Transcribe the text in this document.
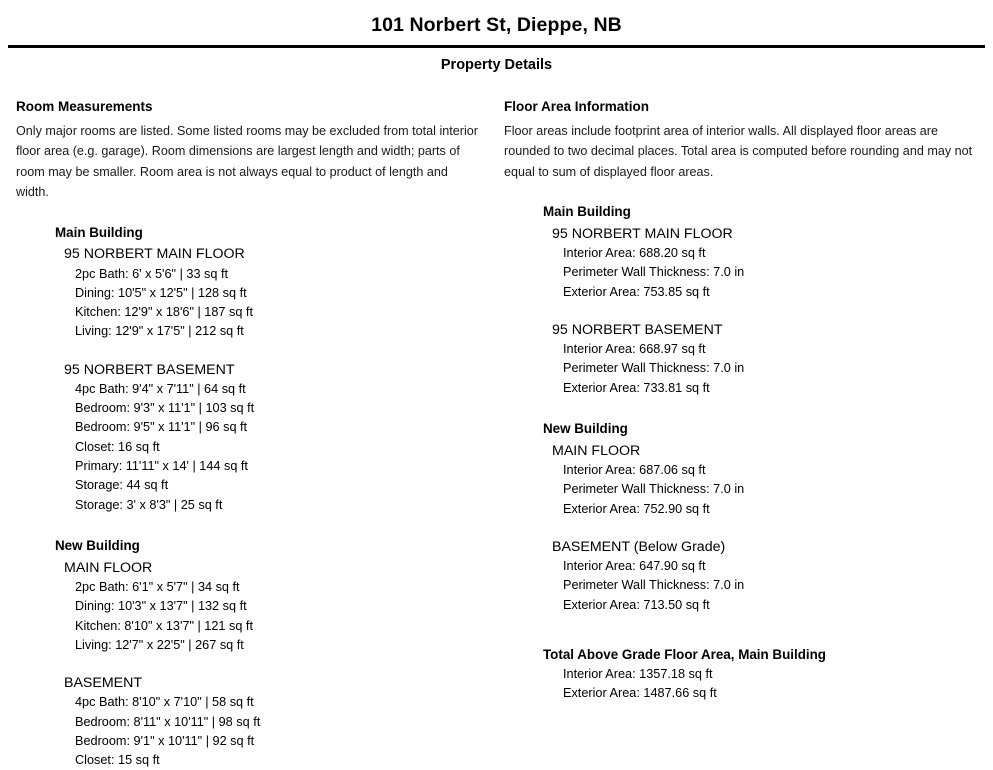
101 Norbert St, Dieppe, NB
Property Details
Room Measurements
Only major rooms are listed. Some listed rooms may be excluded from total interior floor area (e.g. garage). Room dimensions are largest length and width; parts of room may be smaller. Room area is not always equal to product of length and width.
Main Building
95 NORBERT MAIN FLOOR
2pc Bath: 6' x 5'6" | 33 sq ft
Dining: 10'5" x 12'5" | 128 sq ft
Kitchen: 12'9" x 18'6" | 187 sq ft
Living: 12'9" x 17'5" | 212 sq ft
95 NORBERT BASEMENT
4pc Bath: 9'4" x 7'11" | 64 sq ft
Bedroom: 9'3" x 11'1" | 103 sq ft
Bedroom: 9'5" x 11'1" | 96 sq ft
Closet: 16 sq ft
Primary: 11'11" x 14' | 144 sq ft
Storage: 44 sq ft
Storage: 3' x 8'3" | 25 sq ft
New Building
MAIN FLOOR
2pc Bath: 6'1" x 5'7" | 34 sq ft
Dining: 10'3" x 13'7" | 132 sq ft
Kitchen: 8'10" x 13'7" | 121 sq ft
Living: 12'7" x 22'5" | 267 sq ft
BASEMENT
4pc Bath: 8'10" x 7'10" | 58 sq ft
Bedroom: 8'11" x 10'11" | 98 sq ft
Bedroom: 9'1" x 10'11" | 92 sq ft
Closet: 15 sq ft
Floor Area Information
Floor areas include footprint area of interior walls. All displayed floor areas are rounded to two decimal places. Total area is computed before rounding and may not equal to sum of displayed floor areas.
Main Building
95 NORBERT MAIN FLOOR
Interior Area: 688.20 sq ft
Perimeter Wall Thickness: 7.0 in
Exterior Area: 753.85 sq ft
95 NORBERT BASEMENT
Interior Area: 668.97 sq ft
Perimeter Wall Thickness: 7.0 in
Exterior Area: 733.81 sq ft
New Building
MAIN FLOOR
Interior Area: 687.06 sq ft
Perimeter Wall Thickness: 7.0 in
Exterior Area: 752.90 sq ft
BASEMENT (Below Grade)
Interior Area: 647.90 sq ft
Perimeter Wall Thickness: 7.0 in
Exterior Area: 713.50 sq ft
Total Above Grade Floor Area, Main Building
Interior Area: 1357.18 sq ft
Exterior Area: 1487.66 sq ft
